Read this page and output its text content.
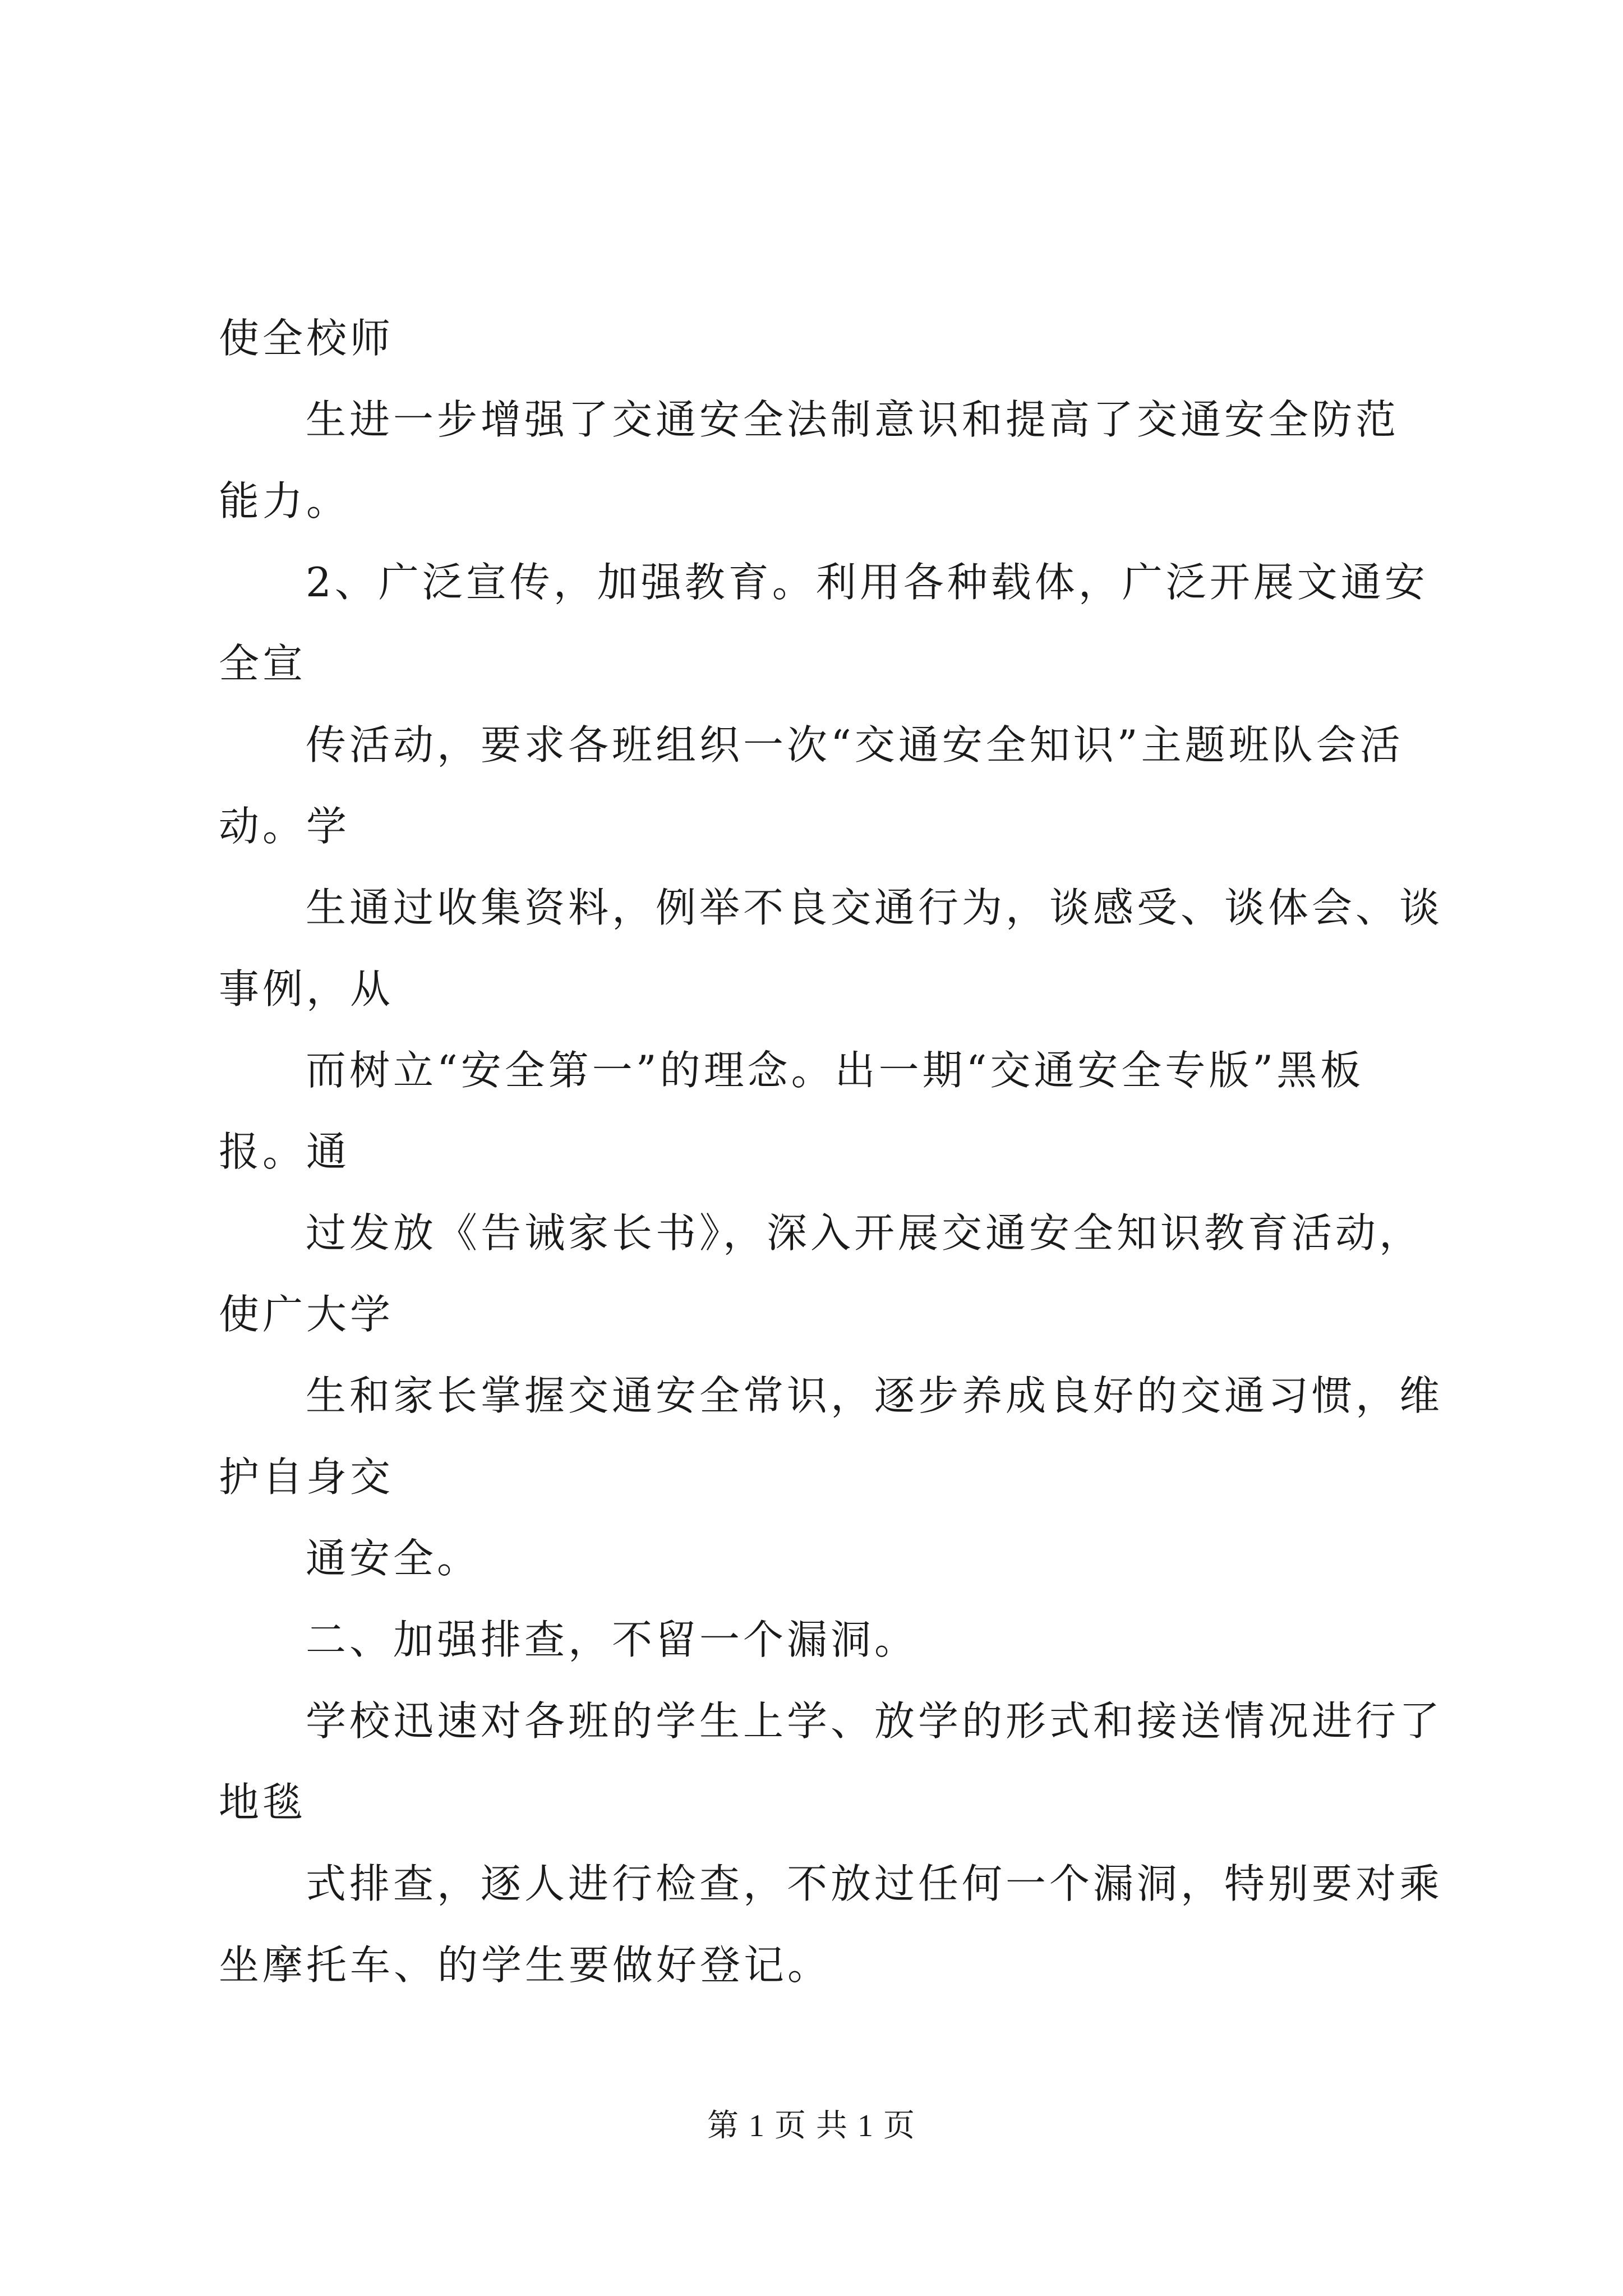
使全校师
生进一步增强了交通安全法制意识和提高了交通安全防范
能力。
2、广泛宣传，加强教育。利用各种载体，广泛开展文通安
全宣
传活动，要求各班组织一次“交通安全知识”主题班队会活
动。学
生通过收集资料，例举不良交通行为，谈感受、谈体会、谈
事例，从
而树立“安全第一”的理念。出一期“交通安全专版”黑板
报。通
过发放《告诫家长书》，深入开展交通安全知识教育活动，
使广大学
生和家长掌握交通安全常识，逐步养成良好的交通习惯，维
护自身交
通安全。
二、加强排查，不留一个漏洞。
学校迅速对各班的学生上学、放学的形式和接送情况进行了
地毯
式排查，逐人进行检查，不放过任何一个漏洞，特别要对乘
坐摩托车、的学生要做好登记。
第 1 页 共 1 页
